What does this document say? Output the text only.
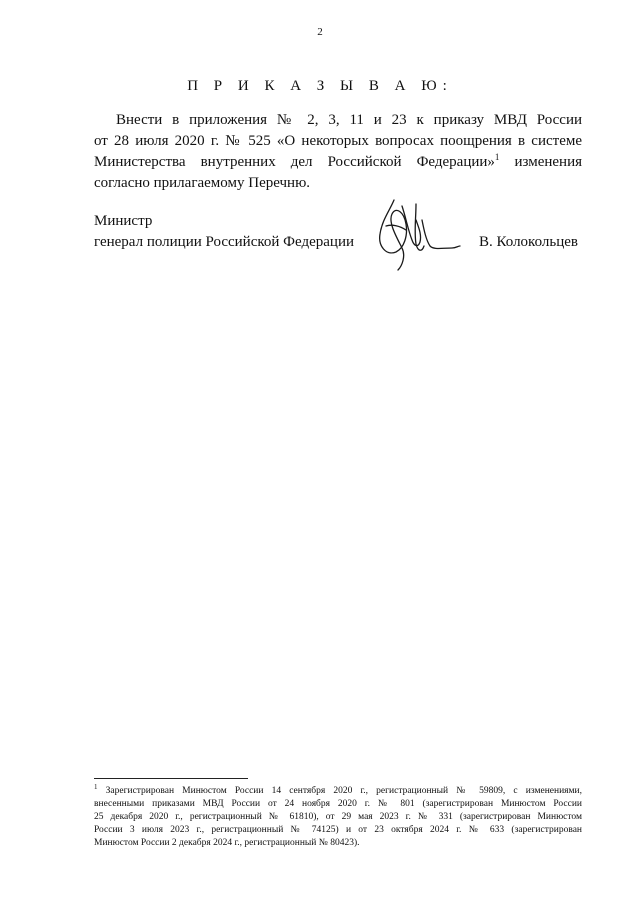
2
П Р И К А З Ы В А Ю:

Внести в приложения № 2, 3, 11 и 23 к приказу МВД России
от 28 июля 2020 г. № 525 «О некоторых вопросах поощрения в системе
Министерства внутренних дел Российской Федерации»$^1$ изменения
согласно прилагаемому Перечню.

Министр
генерал полиции Российской Федерации	В. Колокольцев

$^1$ Зарегистрирован Минюстом России 14 сентября 2020 г., регистрационный № 59809, с изменениями,
внесенными приказами МВД России от 24 ноября 2020 г. № 801 (зарегистрирован Минюстом России
25 декабря 2020 г., регистрационный № 61810), от 29 мая 2023 г. № 331 (зарегистрирован Минюстом
России 3 июля 2023 г., регистрационный № 74125) и от 23 октября 2024 г. № 633 (зарегистрирован
Минюстом России 2 декабря 2024 г., регистрационный № 80423).
